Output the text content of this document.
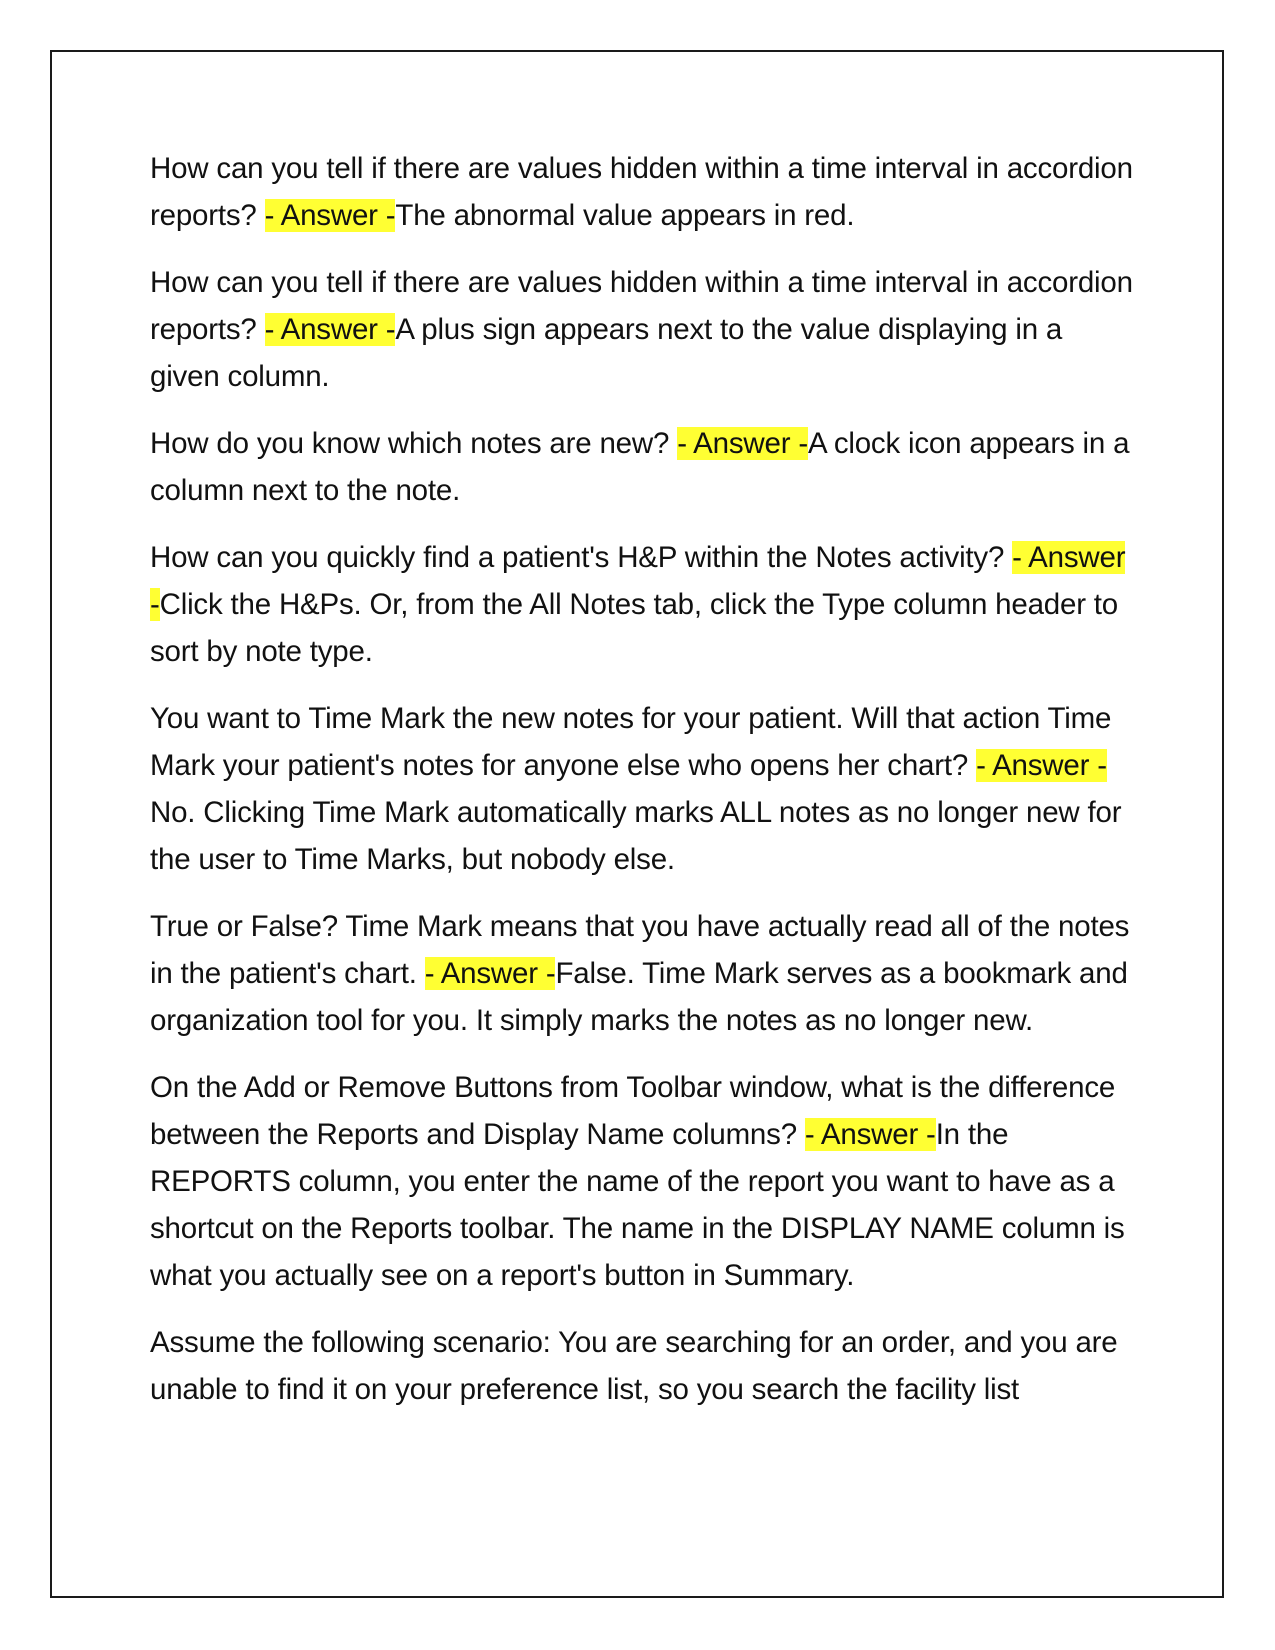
How can you tell if there are values hidden within a time interval in accordion reports? - Answer -The abnormal value appears in red.

How can you tell if there are values hidden within a time interval in accordion reports? - Answer -A plus sign appears next to the value displaying in a given column.

How do you know which notes are new? - Answer -A clock icon appears in a column next to the note.

How can you quickly find a patient's H&P within the Notes activity? - Answer -Click the H&Ps. Or, from the All Notes tab, click the Type column header to sort by note type.

You want to Time Mark the new notes for your patient. Will that action Time Mark your patient's notes for anyone else who opens her chart? - Answer -No. Clicking Time Mark automatically marks ALL notes as no longer new for the user to Time Marks, but nobody else.

True or False? Time Mark means that you have actually read all of the notes in the patient's chart. - Answer -False. Time Mark serves as a bookmark and organization tool for you. It simply marks the notes as no longer new.

On the Add or Remove Buttons from Toolbar window, what is the difference between the Reports and Display Name columns? - Answer -In the REPORTS column, you enter the name of the report you want to have as a shortcut on the Reports toolbar. The name in the DISPLAY NAME column is what you actually see on a report's button in Summary.

Assume the following scenario: You are searching for an order, and you are unable to find it on your preference list, so you search the facility list
